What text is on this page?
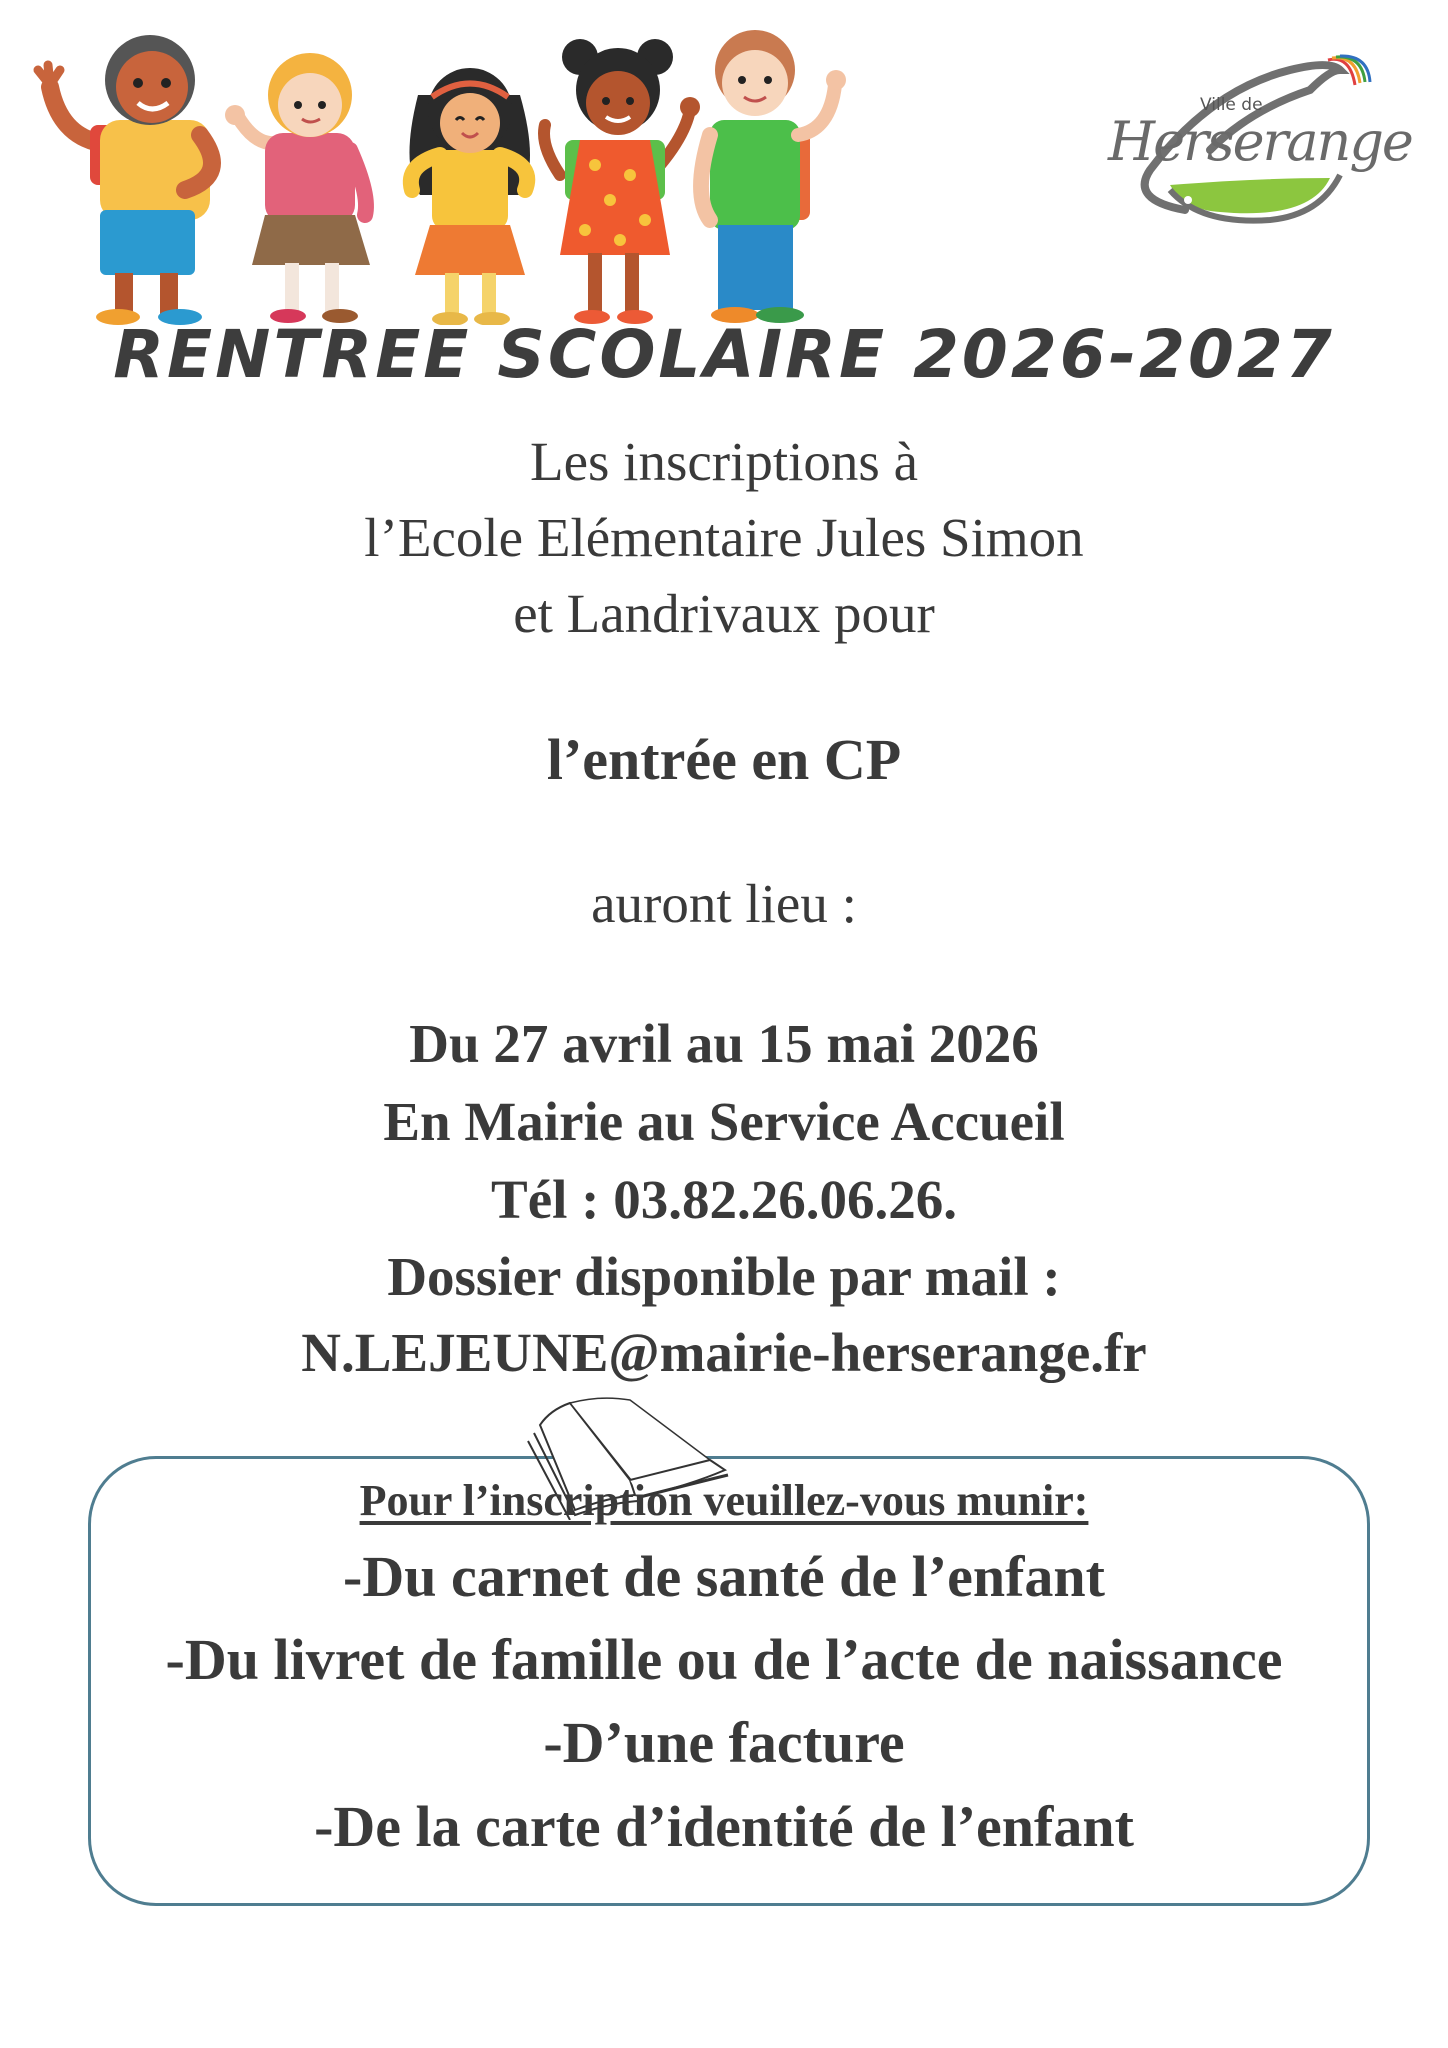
Ville de
Herserange
RENTREE SCOLAIRE 2026-2027
Les inscriptions à
l’Ecole Elémentaire Jules Simon
et Landrivaux pour
l’entrée en CP
auront lieu :
Du 27 avril au 15 mai 2026
En Mairie au Service Accueil
Tél : 03.82.26.06.26.
Dossier disponible par mail :
N.LEJEUNE@mairie-herserange.fr
Pour l’inscription veuillez-vous munir:
-Du carnet de santé de l’enfant
-Du livret de famille ou de l’acte de naissance
-D’une facture
-De la carte d’identité de l’enfant
